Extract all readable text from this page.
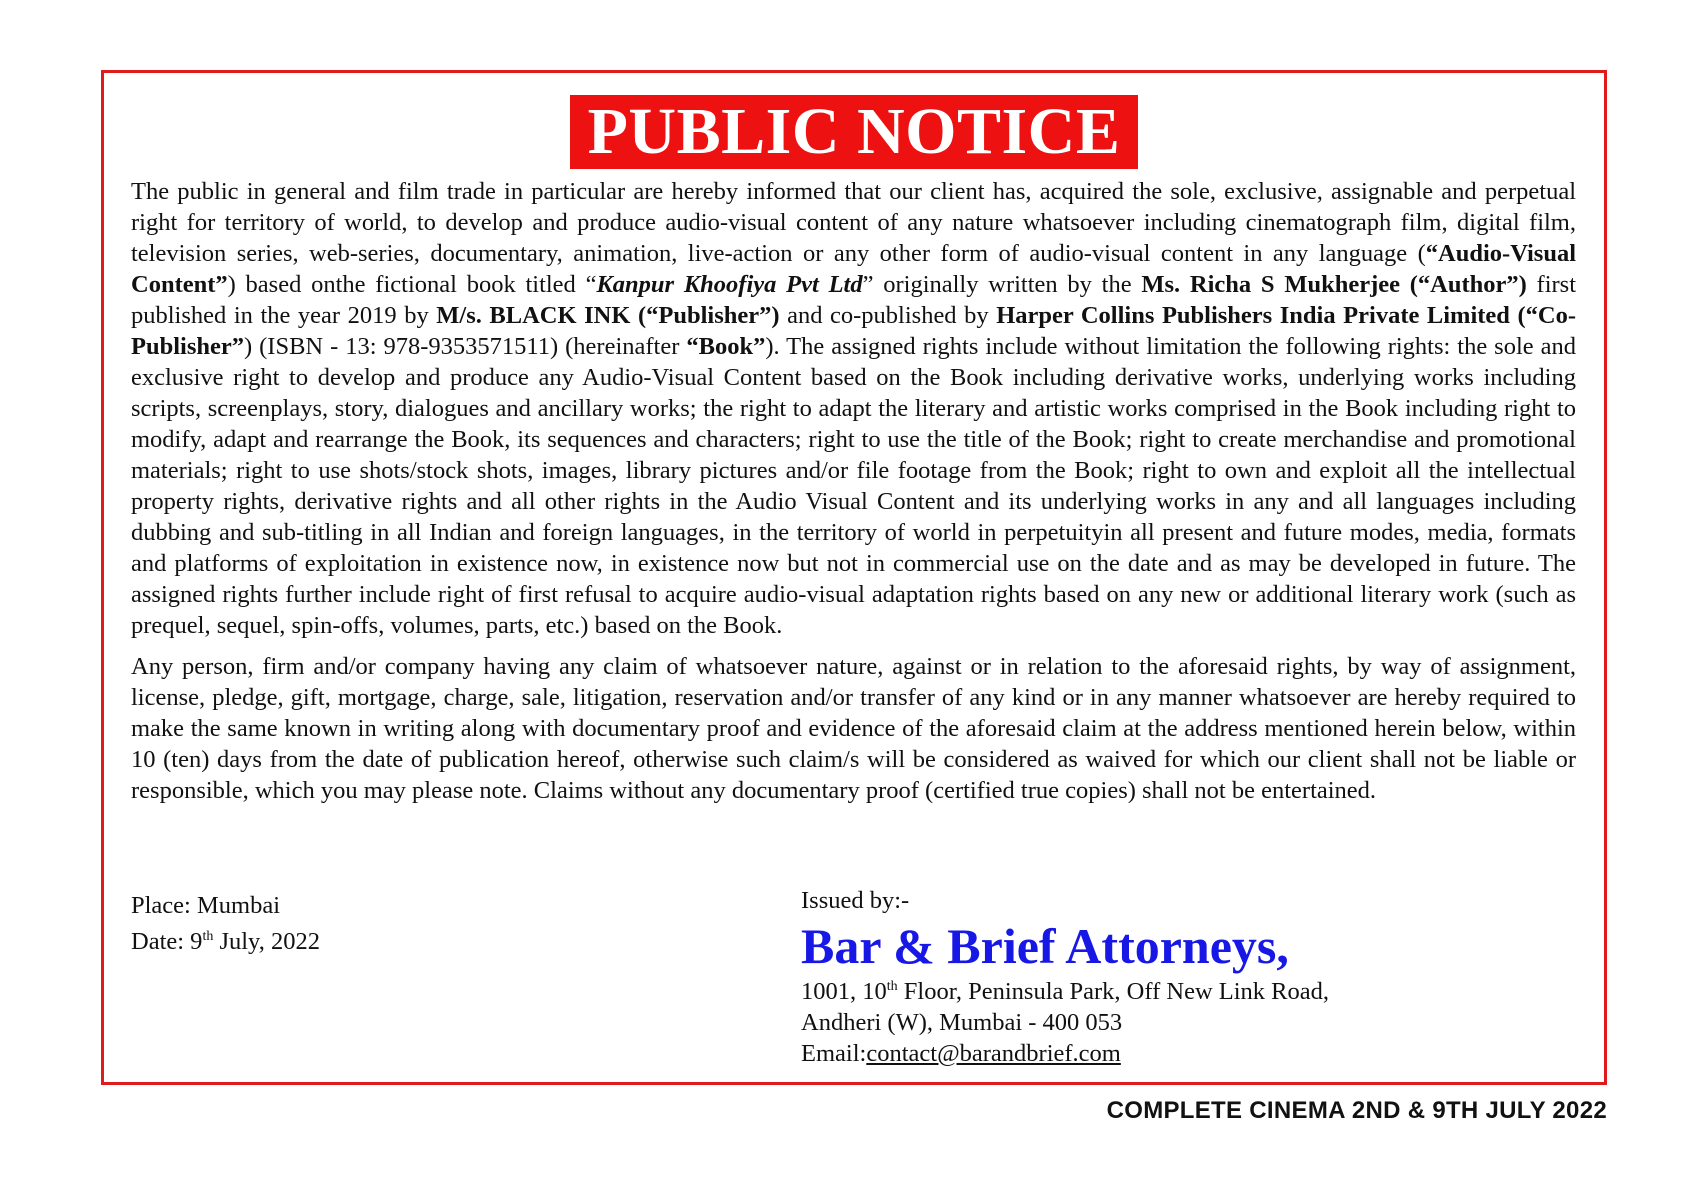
PUBLIC NOTICE

The public in general and film trade in particular are hereby informed that our client has, acquired the sole, exclusive, assignable and perpetual right for territory of world, to develop and produce audio-visual content of any nature whatsoever including cinematograph film, digital film, television series, web-series, documentary, animation, live-action or any other form of audio-visual content in any language (“Audio-Visual Content”) based onthe fictional book titled “Kanpur Khoofiya Pvt Ltd” originally written by the Ms. Richa S Mukherjee (“Author”) first published in the year 2019 by M/s. BLACK INK (“Publisher”) and co-published by Harper Collins Publishers India Private Limited (“Co-Publisher”) (ISBN - 13: 978-9353571511) (hereinafter “Book”). The assigned rights include without limitation the following rights: the sole and exclusive right to develop and produce any Audio-Visual Content based on the Book including derivative works, underlying works including scripts, screenplays, story, dialogues and ancillary works; the right to adapt the literary and artistic works comprised in the Book including right to modify, adapt and rearrange the Book, its sequences and characters; right to use the title of the Book; right to create merchandise and promotional materials; right to use shots/stock shots, images, library pictures and/or file footage from the Book; right to own and exploit all the intellectual property rights, derivative rights and all other rights in the Audio Visual Content and its underlying works in any and all languages including dubbing and sub-titling in all Indian and foreign languages, in the territory of world in perpetuityin all present and future modes, media, formats and platforms of exploitation in existence now, in existence now but not in commercial use on the date and as may be developed in future. The assigned rights further include right of first refusal to acquire audio-visual adaptation rights based on any new or additional literary work (such as prequel, sequel, spin-offs, volumes, parts, etc.) based on the Book.

Any person, firm and/or company having any claim of whatsoever nature, against or in relation to the aforesaid rights, by way of assignment, license, pledge, gift, mortgage, charge, sale, litigation, reservation and/or transfer of any kind or in any manner whatsoever are hereby required to make the same known in writing along with documentary proof and evidence of the aforesaid claim at the address mentioned herein below, within 10 (ten) days from the date of publication hereof, otherwise such claim/s will be considered as waived for which our client shall not be liable or responsible, which you may please note. Claims without any documentary proof (certified true copies) shall not be entertained.

Place: Mumbai
Date: 9th July, 2022
Issued by:-
Bar & Brief Attorneys,
1001, 10th Floor, Peninsula Park, Off New Link Road,
Andheri (W), Mumbai - 400 053
Email:contact@barandbrief.com
COMPLETE CINEMA 2ND & 9TH JULY 2022
